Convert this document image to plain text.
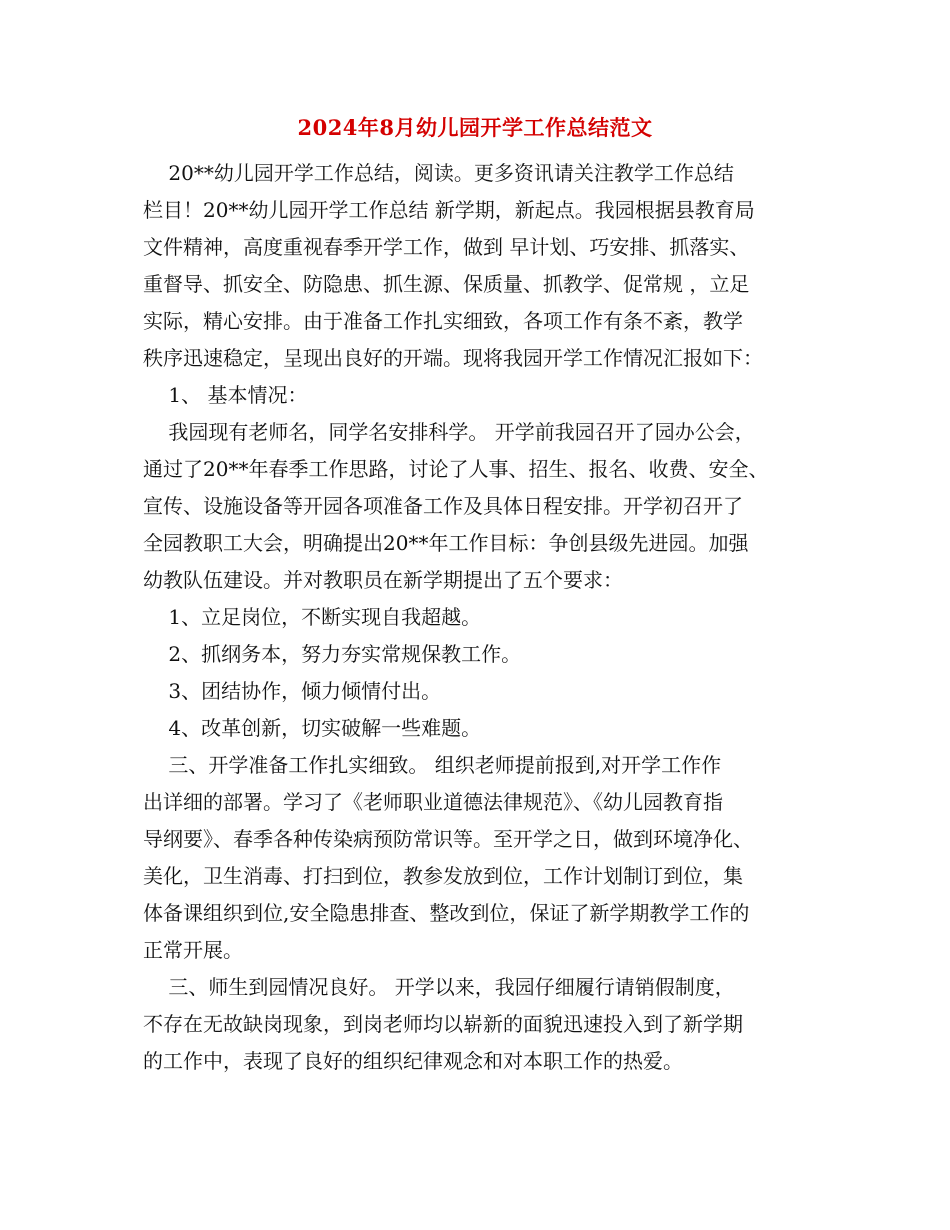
2024年8月幼儿园开学工作总结范文
20**幼儿园开学工作总结，阅读。更多资讯请关注教学工作总结
栏目！20**幼儿园开学工作总结 新学期，新起点。我园根据县教育局
文件精神，高度重视春季开学工作，做到 早计划、巧安排、抓落实、
重督导、抓安全、防隐患、抓生源、保质量、抓教学、促常规 ，立足
实际，精心安排。由于准备工作扎实细致，各项工作有条不紊，教学
秩序迅速稳定，呈现出良好的开端。现将我园开学工作情况汇报如下：
1、 基本情况：
我园现有老师名，同学名安排科学。 开学前我园召开了园办公会，
通过了20**年春季工作思路，讨论了人事、招生、报名、收费、安全、
宣传、设施设备等开园各项准备工作及具体日程安排。开学初召开了
全园教职工大会，明确提出20**年工作目标：争创县级先进园。加强
幼教队伍建设。并对教职员在新学期提出了五个要求：
1、立足岗位，不断实现自我超越。
2、抓纲务本，努力夯实常规保教工作。
3、团结协作，倾力倾情付出。
4、改革创新，切实破解一些难题。
三、开学准备工作扎实细致。 组织老师提前报到,对开学工作作
出详细的部署。学习了《老师职业道德法律规范》、《幼儿园教育指
导纲要》、春季各种传染病预防常识等。至开学之日，做到环境净化、
美化，卫生消毒、打扫到位，教参发放到位，工作计划制订到位，集
体备课组织到位,安全隐患排查、整改到位，保证了新学期教学工作的
正常开展。
三、师生到园情况良好。 开学以来，我园仔细履行请销假制度，
不存在无故缺岗现象，到岗老师均以崭新的面貌迅速投入到了新学期
的工作中，表现了良好的组织纪律观念和对本职工作的热爱。
